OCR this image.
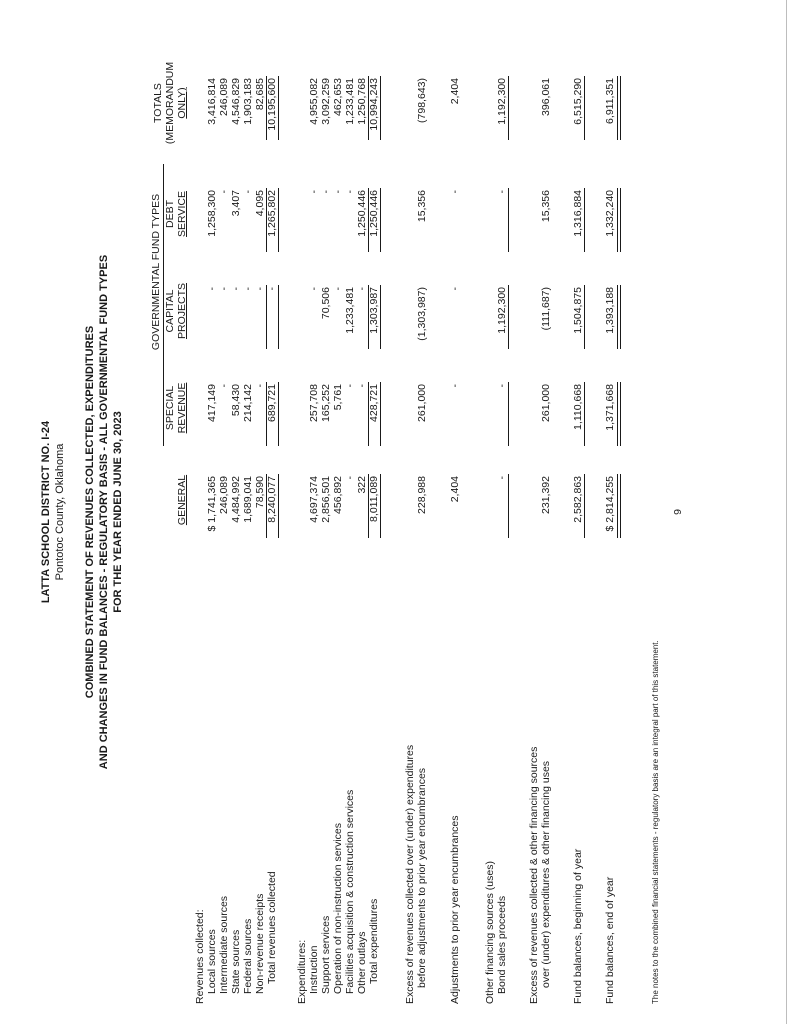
LATTA SCHOOL DISTRICT NO. I-24 Pontotoc County, Oklahoma COMBINED STATEMENT OF REVENUES COLLECTED, EXPENDITURES AND CHANGES IN FUND BALANCES - REGULATORY BASIS - ALL GOVERNMENTAL FUND TYPES FOR THE YEAR ENDED JUNE 30, 2023
GOVERNMENTAL FUND TYPES
TOTALS (MEMORANDUM ONLY)
SPECIAL REVENUE
CAPITAL PROJECTS
DEBT SERVICE
GENERAL
Revenues collected: Local sources
$ 1,741,365
417,149
-
1,258,300
3,416,814
Intermediate sources
246,089
-
-
-
246,089
State sources
4,484,992
58,430
-
3,407
4,546,829
Federal sources
1,689,041
214,142
-
-
1,903,183
Non-revenue receipts
78,590
-
-
4,095
82,685
Total revenues collected
8,240,077
689,721
-
1,265,802
10,195,600
Expenditures: Instruction
4,697,374
257,708
-
-
4,955,082
Support services
2,856,501
165,252
70,506
-
3,092,259
Operation of non-instruction services
456,892
5,761
-
-
462,653
Facilities acquisition & construction services
-
-
1,233,481
-
1,233,481
Other outlays
322
-
-
1,250,446
1,250,768
Total expenditures
8,011,089
428,721
1,303,987
1,250,446
10,994,243
Excess of revenues collected over (under) expenditures before adjustments to prior year encumbrances
228,988
261,000
(1,303,987)
15,356
(798,643)
Adjustments to prior year encumbrances
2,404
-
-
-
2,404
Other financing sources (uses) Bond sales proceeds
-
-
1,192,300
-
1,192,300
Excess of revenues collected & other financing sources over (under) expenditures & other financing uses
231,392
261,000
(111,687)
15,356
396,061
Fund balances, beginning of year
2,582,863
1,110,668
1,504,875
1,316,884
6,515,290
Fund balances, end of year
$ 2,814,255
1,371,668
1,393,188
1,332,240
6,911,351
The notes to the combined financial statements - regulatory basis are an integral part of this statement.
9
